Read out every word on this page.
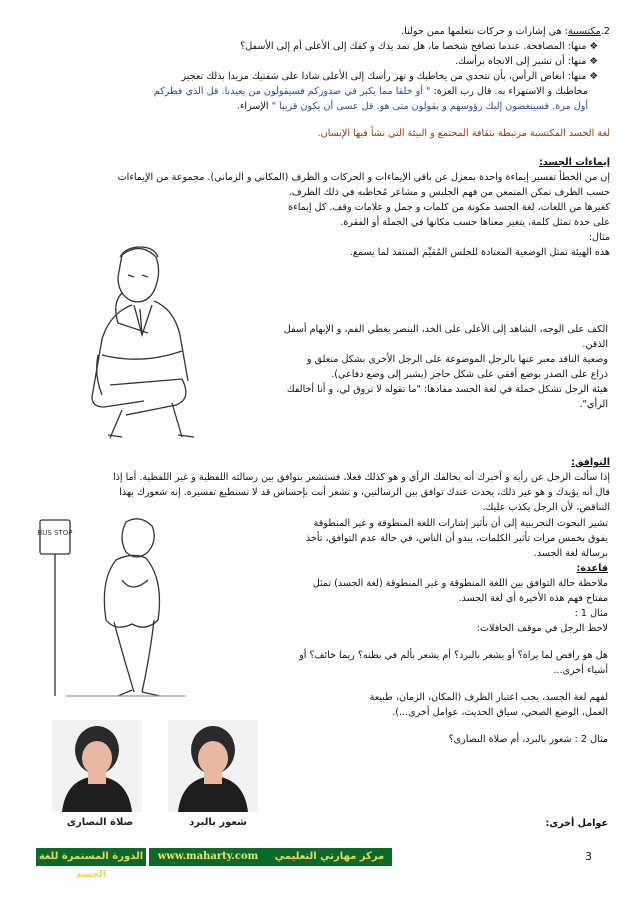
2.مكتسبية: هي إشارات و حركات نتعلمها ممن حولنا.

❖منها: المصافحة. عندما تصافح شخصا ما، هل تمد يدك و كفك إلى الأعلى أم إلى الأسفل؟

❖منها: أن تشير إلى الاتجاه برأسك.

❖منها: انغاض الرأس، بأن تتحدى من يخاطبك و تهز رأسك إلى الأعلى شادا على شفتيك مريدا بذلك تعجيز

مخاطبك و الاستهزاء به. قال رب العزة: " أو خلقا مما يكبر في صدوركم فسيقولون من يعيدنا. قل الذي فطركم

أول مرة. فسينغضون إليك رؤوسهم و يقولون متى هو. قل عسى أن يكون قريبا " الإسراء.

لغة الجسد المكتسبة مرتبطة بثقافة المجتمع و البيئة التي نشأ فيها الإنسان.

إيماءات الجسد:

إن من الخطأ تفسير إيماءة واحدة بمعزل عن باقي الإيماءات و الحركات و الظرف (المكاني و الزماني). مجموعة من الإيماءات

حسب الظرف تمكن المتمعن من فهم الجليس و مشاعر مُخاطبه في ذلك الظرف.

كغيرها من اللغات، لغة الجسد مكونة من كلمات و جمل و علامات وقف. كل إيماءة

على حدة تمثل كلمة، يتغير معناها حسب مكانها في الجملة أو الفقرة.

مثال:

هذه الهيئة تمثل الوضعية المعتادة للجلس المُقيِّم المنتقد لما يسمع.

الكف على الوجه، الشاهد إلى الأعلى على الخد، البنصر يغطي الفم، و الإبهام أسفل

الذقن.

وضعية الناقد معبر عنها بالرجل الموضوعة على الرجل الأخرى بشكل منغلق و

ذراع على الصدر بوضع أفقي على شكل حاجز (يشير إلى وضع دفاعي).

هيئة الرجل تشكل جملة في لغة الجسد مفادها: "ما تقوله لا تروق لي، و أنا أخالفك

الرأي".

التوافق:

إذا سألت الرجل عن رأيه و أخبرك أنه يخالفك الرأي و هو كذلك فعلا، فستشعر بتوافق بين رسالته اللفظية و غير اللفظية. أما إذا

قال أنه يؤيدك و هو غير ذلك، يحدث عندك توافق بين الرسالتين، و تشعر أنت بإحساس قد لا تستطيع تفسيره. إنه شعورك بهذا

التناقض، لأن الرجل يكذب عليك.

تشير البحوث التجريبية إلى أن تأثير إشارات اللغة المنطوقة و غير المنطوقة

يفوق بخمس مرات تأثير الكلمات، يبدو أن الناس، في حالة عدم التوافق، تأخذ

برسالة لغة الجسد.

قاعدة:

ملاحظة حالة التوافق بين اللغة المنطوقة و غير المنطوقة (لغة الجسد) تمثل

مفتاح فهم هذه الأخيرة أي لغة الجسد.

مثال 1 :

لاحظ الرجل في موقف الحافلات:

هل هو رافض لما يراه؟ أو يشعر بالبرد؟ أم يشعر بألم في بطنه؟ ربما خائف؟ أو

أشياء أخرى...

لفهم لغة الجسد، يجب اعتبار الظرف (المكان، الزمان، طبيعة

العمل، الوضع الصحي، سياق الحديث، عوامل أخرى...).

مثال 2 : شعور بالبرد، أم صلاة النصارى؟

BUS STOP
صلاة النصارى	شعور بالبرد	عوامل أخرى:
الدورة المستمرة للغة الجسد
www.maharty.com	مركز مهارتي التعليمي	3
